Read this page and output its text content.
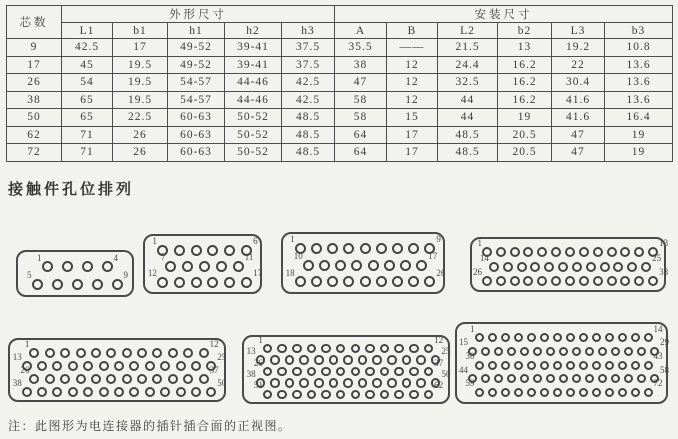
芯数	外形尺寸					安装尺寸					
	L1	b1	h1	h2	h3	A	B	L2	b2	L3	b3
9	42.5	17	49-52	39-41	37.5	35.5	——	21.5	13	19.2	10.8
17	45	19.5	49-52	39-41	37.5	38	12	24.4	16.2	22	13.6
26	54	19.5	54-57	44-46	42.5	47	12	32.5	16.2	30.4	13.6
38	65	19.5	54-57	44-46	42.5	58	12	44	16.2	41.6	13.6
50	65	22.5	60-63	50-52	48.5	58	15	44	19	41.6	16.4
62	71	26	60-63	50-52	48.5	64	17	48.5	20.5	47	19
72	71	26	60-63	50-52	48.5	64	17	48.5	20.5	47	19
接触件孔位排列
1	4
5	9
1	6
7	11
12	17
1	9
10	17
18	26
1	13
14	25
26	38
1	12
13	25
26	37
38	50
1	12
13	25
26	37
38	50
51	62
1	14
15	29
30	43
44	58
59	72

注：此图形为电连接器的插针插合面的正视图。
